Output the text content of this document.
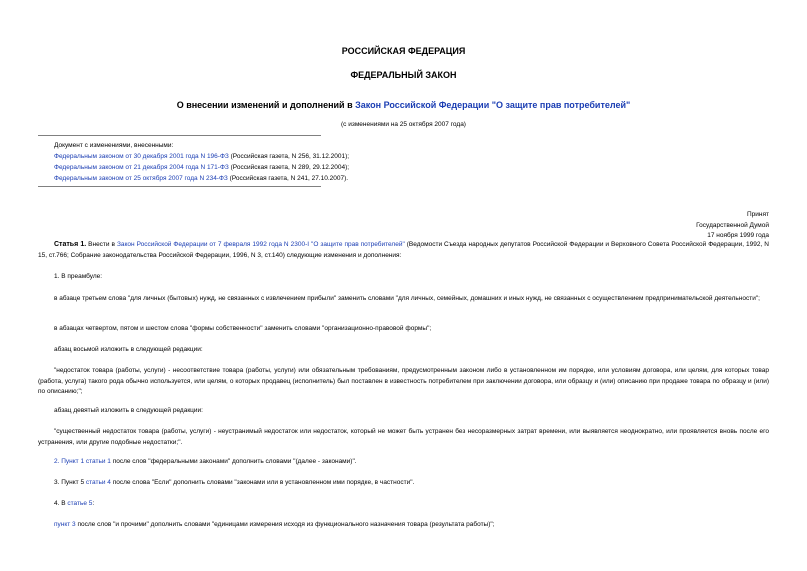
РОССИЙСКАЯ ФЕДЕРАЦИЯ
ФЕДЕРАЛЬНЫЙ ЗАКОН
О внесении изменений и дополнений в Закон Российской Федерации "О защите прав потребителей"
(с изменениями на 25 октября 2007 года)
Документ с изменениями, внесенными:
Федеральным законом от 30 декабря 2001 года N 196-ФЗ (Российская газета, N 256, 31.12.2001);
Федеральным законом от 21 декабря 2004 года N 171-ФЗ (Российская газета, N 289, 29.12.2004);
Федеральным законом от 25 октября 2007 года N 234-ФЗ (Российская газета, N 241, 27.10.2007).
Принят
Государственной Думой
17 ноября 1999 года
Статья 1. Внести в Закон Российской Федерации от 7 февраля 1992 года N 2300-I "О защите прав потребителей" (Ведомости Съезда народных депутатов Российской Федерации и Верховного Совета Российской Федерации, 1992, N 15, ст.766; Собрание законодательства Российской Федерации, 1996, N 3, ст.140) следующие изменения и дополнения:
1. В преамбуле:
в абзаце третьем слова "для личных (бытовых) нужд, не связанных с извлечением прибыли" заменить словами "для личных, семейных, домашних и иных нужд, не связанных с осуществлением предпринимательской деятельности";
в абзацах четвертом, пятом и шестом слова "формы собственности" заменить словами "организационно-правовой формы";
абзац восьмой изложить в следующей редакции:
"недостаток товара (работы, услуги) - несоответствие товара (работы, услуги) или обязательным требованиям, предусмотренным законом либо в установленном им порядке, или условиям договора, или целям, для которых товар (работа, услуга) такого рода обычно используется, или целям, о которых продавец (исполнитель) был поставлен в известность потребителем при заключении договора, или образцу и (или) описанию при продаже товара по образцу и (или) по описанию;";
абзац девятый изложить в следующей редакции:
"существенный недостаток товара (работы, услуги) - неустранимый недостаток или недостаток, который не может быть устранен без несоразмерных затрат времени, или выявляется неоднократно, или проявляется вновь после его устранения, или другие подобные недостатки;".
2. Пункт 1 статьи 1 после слов "федеральными законами" дополнить словами "(далее - законами)".
3. Пункт 5 статьи 4 после слова "Если" дополнить словами "законами или в установленном ими порядке, в частности".
4. В статье 5:
пункт 3 после слов "и прочими" дополнить словами "единицами измерения исходя из функционального назначения товара (результата работы)";
